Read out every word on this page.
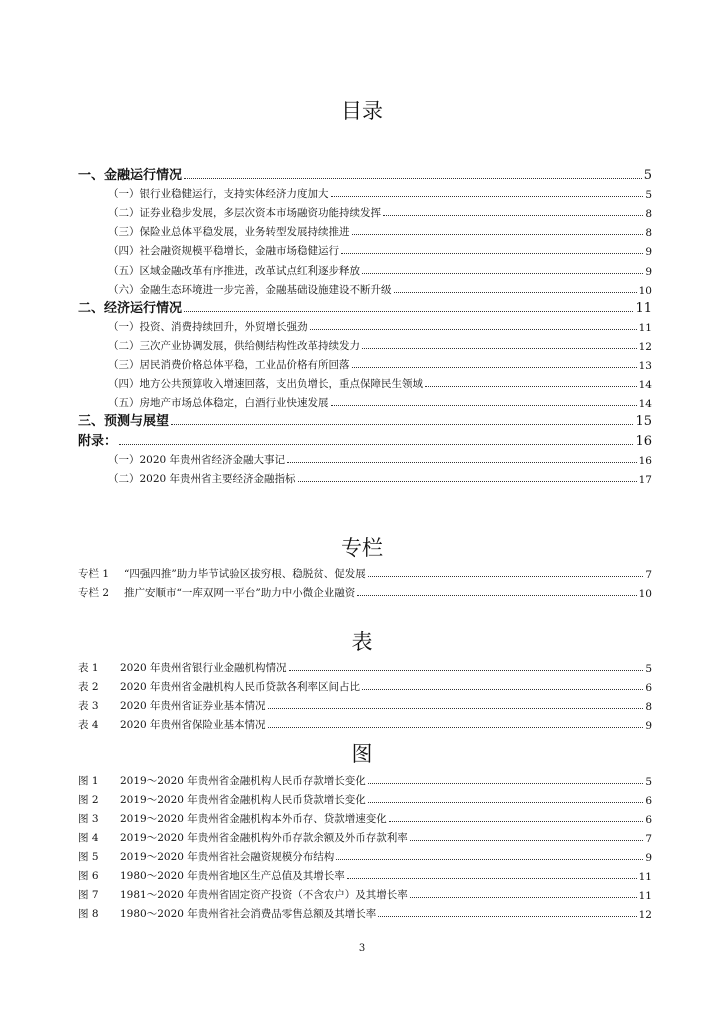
目录
一、金融运行情况	5
（一）银行业稳健运行，支持实体经济力度加大	5
（二）证券业稳步发展，多层次资本市场融资功能持续发挥	8
（三）保险业总体平稳发展，业务转型发展持续推进	8
（四）社会融资规模平稳增长，金融市场稳健运行	9
（五）区域金融改革有序推进，改革试点红利逐步释放	9
（六）金融生态环境进一步完善，金融基础设施建设不断升级	10
二、经济运行情况	11
（一）投资、消费持续回升，外贸增长强劲	11
（二）三次产业协调发展，供给侧结构性改革持续发力	12
（三）居民消费价格总体平稳，工业品价格有所回落	13
（四）地方公共预算收入增速回落，支出负增长，重点保障民生领域	14
（五）房地产市场总体稳定，白酒行业快速发展	14
三、预测与展望	15
附录：	16
（一）2020 年贵州省经济金融大事记	16
（二）2020 年贵州省主要经济金融指标	17
专栏
专栏 1 “四强四推”助力毕节试验区拔穷根、稳脱贫、促发展	7
专栏 2 推广安顺市“一库双网一平台”助力中小微企业融资	10
表
表 1 2020 年贵州省银行业金融机构情况	5
表 2 2020 年贵州省金融机构人民币贷款各利率区间占比	6
表 3 2020 年贵州省证券业基本情况	8
表 4 2020 年贵州省保险业基本情况	9
图
图 1 2019～2020 年贵州省金融机构人民币存款增长变化	5
图 2 2019～2020 年贵州省金融机构人民币贷款增长变化	6
图 3 2019～2020 年贵州省金融机构本外币存、贷款增速变化	6
图 4 2019～2020 年贵州省金融机构外币存款余额及外币存款利率	7
图 5 2019～2020 年贵州省社会融资规模分布结构	9
图 6 1980～2020 年贵州省地区生产总值及其增长率	11
图 7 1981～2020 年贵州省固定资产投资（不含农户）及其增长率	11
图 8 1980～2020 年贵州省社会消费品零售总额及其增长率	12
3
